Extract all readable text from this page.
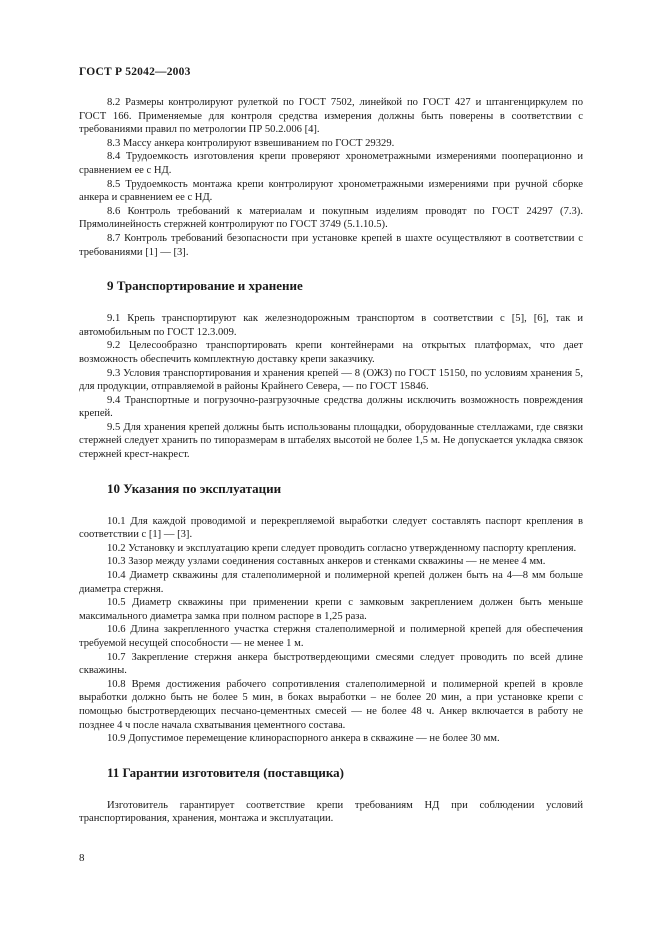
ГОСТ Р 52042—2003

8.2 Размеры контролируют рулеткой по ГОСТ 7502, линейкой по ГОСТ 427 и штангенциркулем по ГОСТ 166. Применяемые для контроля средства измерения должны быть поверены в соответствии с требованиями правил по метрологии ПР 50.2.006 [4].

8.3 Массу анкера контролируют взвешиванием по ГОСТ 29329.

8.4 Трудоемкость изготовления крепи проверяют хронометражными измерениями пооперационно и сравнением ее с НД.

8.5 Трудоемкость монтажа крепи контролируют хронометражными измерениями при ручной сборке анкера и сравнением ее с НД.

8.6 Контроль требований к материалам и покупным изделиям проводят по ГОСТ 24297 (7.3). Прямолинейность стержней контролируют по ГОСТ 3749 (5.1.10.5).

8.7 Контроль требований безопасности при установке крепей в шахте осуществляют в соответствии с требованиями [1] — [3].

9 Транспортирование и хранение

9.1 Крепь транспортируют как железнодорожным транспортом в соответствии с [5], [6], так и автомобильным по ГОСТ 12.3.009.

9.2 Целесообразно транспортировать крепи контейнерами на открытых платформах, что дает возможность обеспечить комплектную доставку крепи заказчику.

9.3 Условия транспортирования и хранения крепей — 8 (ОЖЗ) по ГОСТ 15150, по условиям хранения 5, для продукции, отправляемой в районы Крайнего Севера, — по ГОСТ 15846.

9.4 Транспортные и погрузочно-разгрузочные средства должны исключить возможность повреждения крепей.

9.5 Для хранения крепей должны быть использованы площадки, оборудованные стеллажами, где связки стержней следует хранить по типоразмерам в штабелях высотой не более 1,5 м. Не допускается укладка связок стержней крест-накрест.

10 Указания по эксплуатации

10.1 Для каждой проводимой и перекрепляемой выработки следует составлять паспорт крепления в соответствии с [1] — [3].

10.2 Установку и эксплуатацию крепи следует проводить согласно утвержденному паспорту крепления.

10.3 Зазор между узлами соединения составных анкеров и стенками скважины — не менее 4 мм.

10.4 Диаметр скважины для сталеполимерной и полимерной крепей должен быть на 4—8 мм больше диаметра стержня.

10.5 Диаметр скважины при применении крепи с замковым закреплением должен быть меньше максимального диаметра замка при полном распоре в 1,25 раза.

10.6 Длина закрепленного участка стержня сталеполимерной и полимерной крепей для обеспечения требуемой несущей способности — не менее 1 м.

10.7 Закрепление стержня анкера быстротвердеющими смесями следует проводить по всей длине скважины.

10.8 Время достижения рабочего сопротивления сталеполимерной и полимерной крепей в кровле выработки должно быть не более 5 мин, в боках выработки – не более 20 мин, а при установке крепи с помощью быстротвердеющих песчано-цементных смесей — не более 48 ч. Анкер включается в работу не позднее 4 ч после начала схватывания цементного состава.

10.9 Допустимое перемещение клинораспорного анкера в скважине — не более 30 мм.

11 Гарантии изготовителя (поставщика)

Изготовитель гарантирует соответствие крепи требованиям НД при соблюдении условий транспортирования, хранения, монтажа и эксплуатации.

8
